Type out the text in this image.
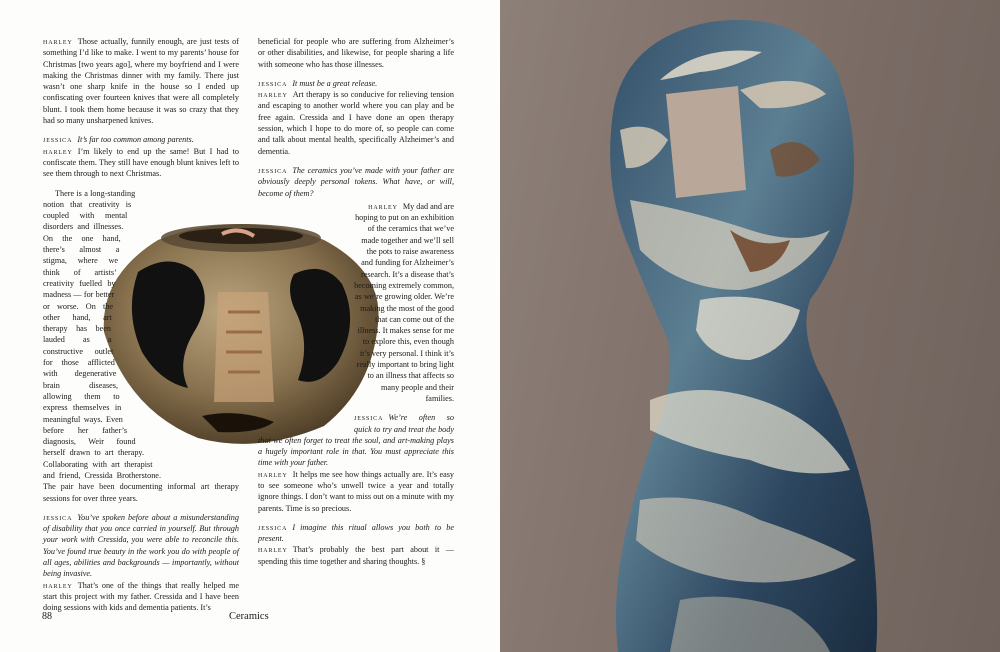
harley Those actually, funnily enough, are just tests of something I’d like to make. I went to my parents’ house for Christmas [two years ago], where my boyfriend and I were making the Christmas dinner with my family. There just wasn’t one sharp knife in the house so I ended up confiscating over fourteen knives that were all completely blunt. I took them home because it was so crazy that they had so many unsharpened knives.

jessica It’s far too common among parents.

harley I’m likely to end up the same! But I had to confiscate them. They still have enough blunt knives left to see them through to next Christmas.

There is a long-standing notion that creativity is coupled with mental disorders and illnesses. On the one hand, there’s almost a stigma, where we think of artists’ creativity fuelled by madness — for better or worse. On the other hand, art therapy has been lauded as a constructive outlet for those afflicted with degenerative brain diseases, allowing them to express themselves in meaningful ways. Even before her father’s diagnosis, Weir found herself drawn to art therapy. Collaborating with art therapist and friend, Cressida Brotherstone. The pair have been documenting informal art therapy sessions for over three years.

jessica You’ve spoken before about a misunderstanding of disability that you once carried in yourself. But through your work with Cressida, you were able to reconcile this. You’ve found true beauty in the work you do with people of all ages, abilities and backgrounds — importantly, without being invasive.

harley That’s one of the things that really helped me start this project with my father. Cressida and I have been doing sessions with kids and dementia patients. It’s

beneficial for people who are suffering from Alzheimer’s or other disabilities, and likewise, for people sharing a life with someone who has those illnesses.

jessica It must be a great release.

harley Art therapy is so conducive for relieving tension and escaping to another world where you can play and be free again. Cressida and I have done an open therapy session, which I hope to do more of, so people can come and talk about mental health, specifically Alzheimer’s and dementia.

jessica The ceramics you’ve made with your father are obviously deeply personal tokens. What have, or will, become of them?

harley My dad and are hoping to put on an exhibition of the ceramics that we’ve made together and we’ll sell the pots to raise awareness and funding for Alzheimer’s research. It’s a disease that’s becoming extremely common, as we’re growing older. We’re making the most of the good that can come out of the illness. It makes sense for me to explore this, even though it’s very personal. I think it’s really important to bring light to an illness that affects so many people and their families.

jessica We’re often so quick to try and treat the body that we often forget to treat the soul, and art-making plays a hugely important role in that. You must appreciate this time with your father.

harley It helps me see how things actually are. It’s easy to see someone who’s unwell twice a year and totally ignore things. I don’t want to miss out on a minute with my parents. Time is so precious.

jessica I imagine this ritual allows you both to be present.

harley That’s probably the best part about it — spending this time together and sharing thoughts. §

88	Ceramics
